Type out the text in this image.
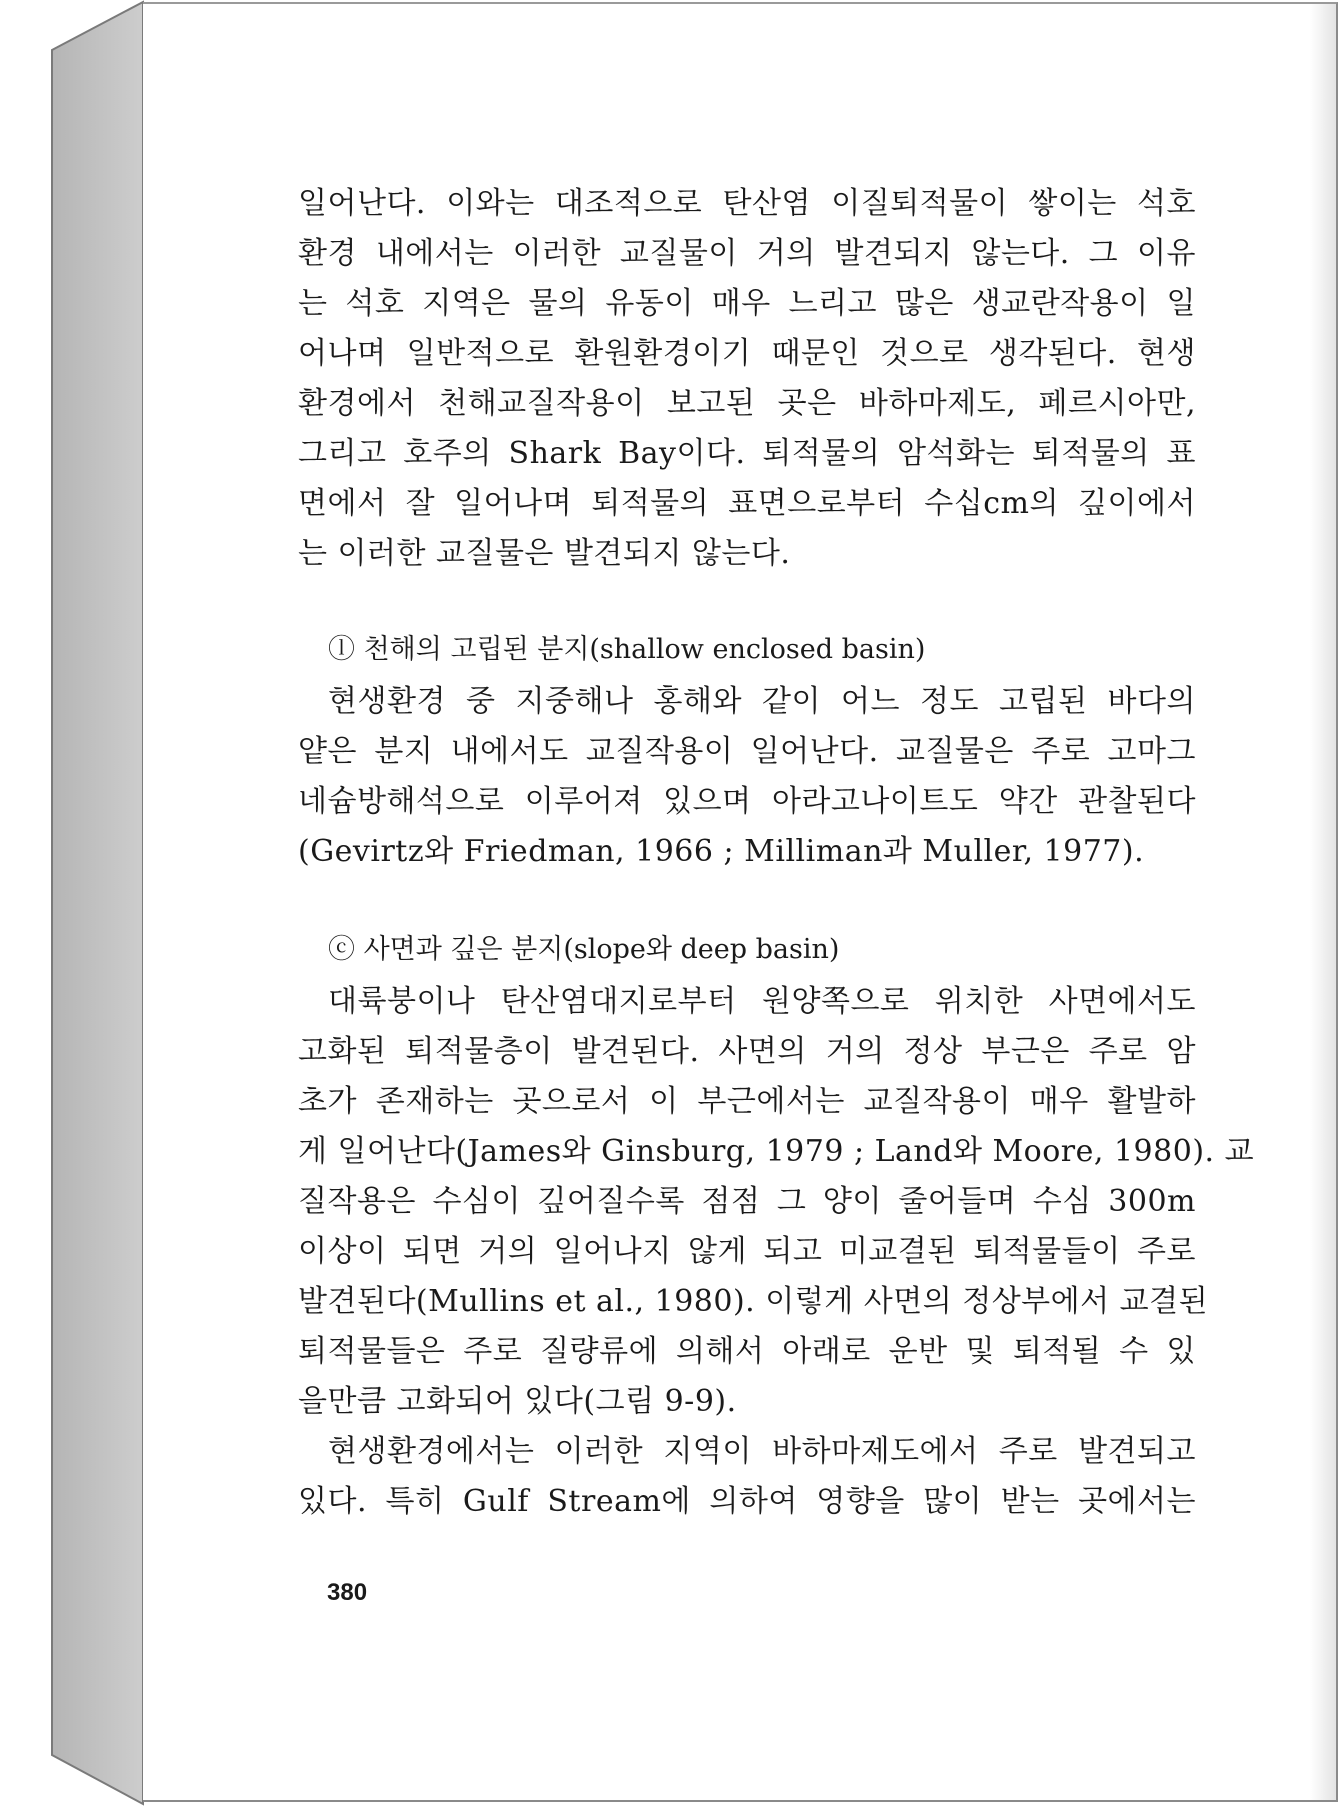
일어난다. 이와는 대조적으로 탄산염 이질퇴적물이 쌓이는 석호
환경 내에서는 이러한 교질물이 거의 발견되지 않는다. 그 이유
는 석호 지역은 물의 유동이 매우 느리고 많은 생교란작용이 일
어나며 일반적으로 환원환경이기 때문인 것으로 생각된다. 현생
환경에서 천해교질작용이 보고된 곳은 바하마제도, 페르시아만,
그리고 호주의 Shark Bay이다. 퇴적물의 암석화는 퇴적물의 표
면에서 잘 일어나며 퇴적물의 표면으로부터 수십cm의 깊이에서
는 이러한 교질물은 발견되지 않는다.
ⓛ 천해의 고립된 분지(shallow enclosed basin)
현생환경 중 지중해나 홍해와 같이 어느 정도 고립된 바다의
얕은 분지 내에서도 교질작용이 일어난다. 교질물은 주로 고마그
네슘방해석으로 이루어져 있으며 아라고나이트도 약간 관찰된다
(Gevirtz와 Friedman, 1966 ; Milliman과 Muller, 1977).
ⓒ 사면과 깊은 분지(slope와 deep basin)
대륙붕이나 탄산염대지로부터 원양쪽으로 위치한 사면에서도
고화된 퇴적물층이 발견된다. 사면의 거의 정상 부근은 주로 암
초가 존재하는 곳으로서 이 부근에서는 교질작용이 매우 활발하
게 일어난다(James와 Ginsburg, 1979 ; Land와 Moore, 1980). 교
질작용은 수심이 깊어질수록 점점 그 양이 줄어들며 수심 300m
이상이 되면 거의 일어나지 않게 되고 미교결된 퇴적물들이 주로
발견된다(Mullins et al., 1980). 이렇게 사면의 정상부에서 교결된
퇴적물들은 주로 질량류에 의해서 아래로 운반 및 퇴적될 수 있
을만큼 고화되어 있다(그림 9-9).
현생환경에서는 이러한 지역이 바하마제도에서 주로 발견되고
있다. 특히 Gulf Stream에 의하여 영향을 많이 받는 곳에서는
380
